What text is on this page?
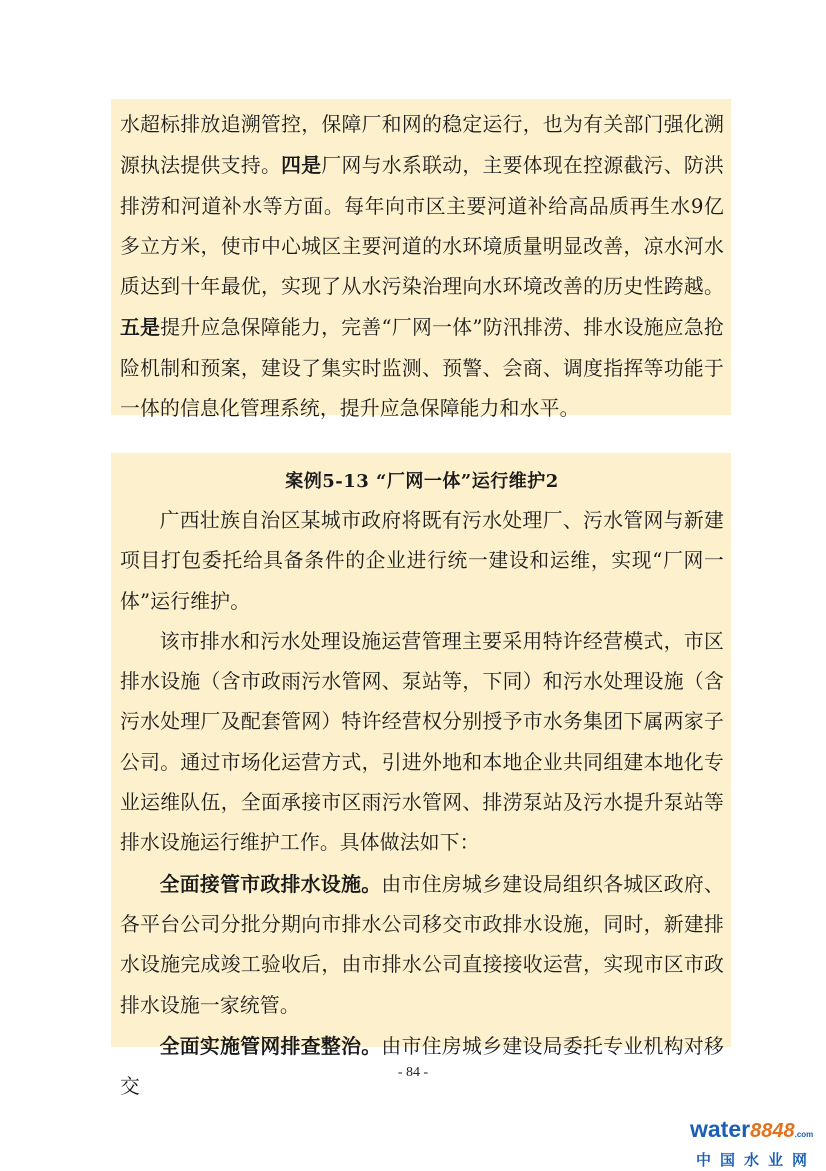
水超标排放追溯管控，保障厂和网的稳定运行，也为有关部门强化溯源执法提供支持。四是厂网与水系联动，主要体现在控源截污、防洪排涝和河道补水等方面。每年向市区主要河道补给高品质再生水9亿多立方米，使市中心城区主要河道的水环境质量明显改善，凉水河水质达到十年最优，实现了从水污染治理向水环境改善的历史性跨越。五是提升应急保障能力，完善“厂网一体”防汛排涝、排水设施应急抢险机制和预案，建设了集实时监测、预警、会商、调度指挥等功能于一体的信息化管理系统，提升应急保障能力和水平。

案例5-13 “厂网一体”运行维护2

广西壮族自治区某城市政府将既有污水处理厂、污水管网与新建项目打包委托给具备条件的企业进行统一建设和运维，实现“厂网一体”运行维护。

该市排水和污水处理设施运营管理主要采用特许经营模式，市区排水设施（含市政雨污水管网、泵站等，下同）和污水处理设施（含污水处理厂及配套管网）特许经营权分别授予市水务集团下属两家子公司。通过市场化运营方式，引进外地和本地企业共同组建本地化专业运维队伍，全面承接市区雨污水管网、排涝泵站及污水提升泵站等排水设施运行维护工作。具体做法如下：

全面接管市政排水设施。由市住房城乡建设局组织各城区政府、各平台公司分批分期向市排水公司移交市政排水设施，同时，新建排水设施完成竣工验收后，由市排水公司直接接收运营，实现市区市政排水设施一家统管。

全面实施管网排查整治。由市住房城乡建设局委托专业机构对移交

- 84 -
water8848.com
中国水业网
